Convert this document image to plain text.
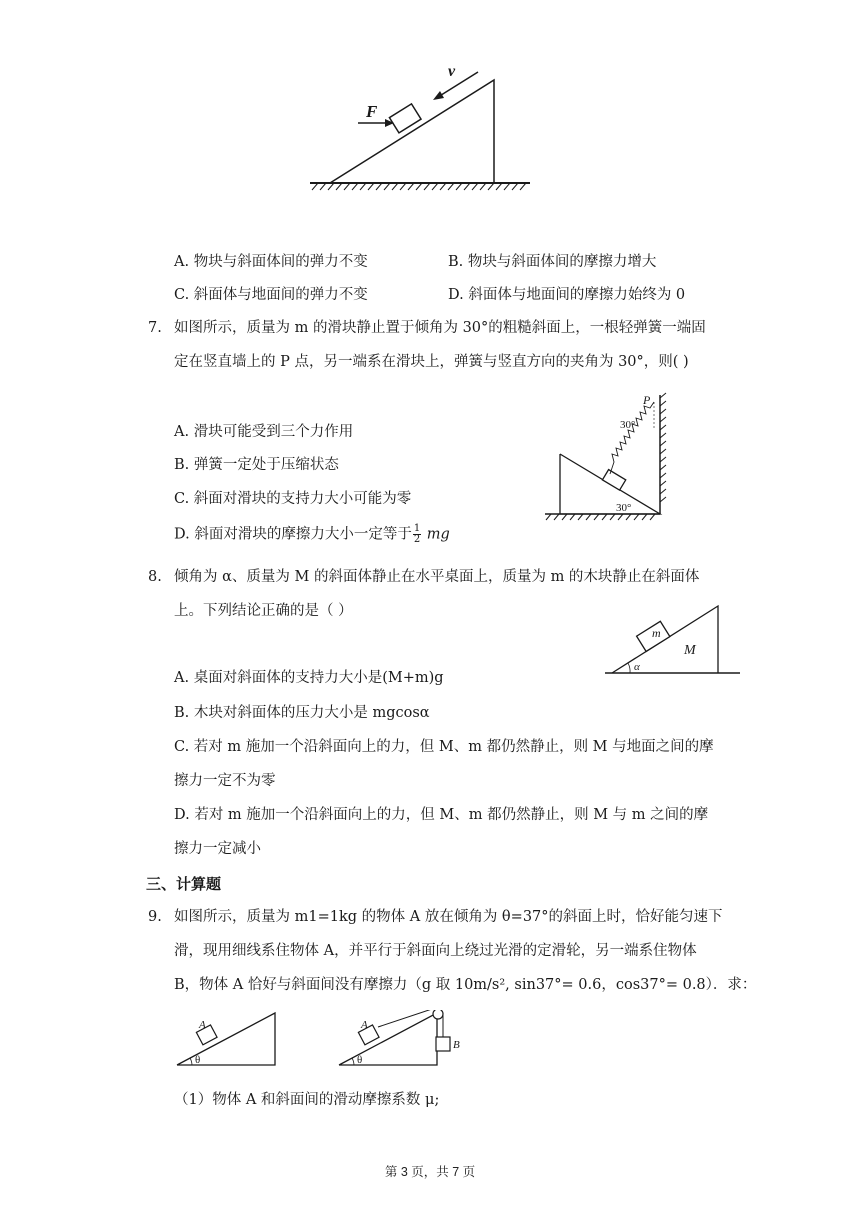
F
v
A. 物块与斜面体间的弹力不变	B. 物块与斜面体间的摩擦力增大
C. 斜面体与地面间的弹力不变	D. 斜面体与地面间的摩擦力始终为 0
7. 如图所示，质量为 m 的滑块静止置于倾角为 30°的粗糙斜面上，一根轻弹簧一端固
定在竖直墙上的 P 点，另一端系在滑块上，弹簧与竖直方向的夹角为 30°，则( )
A. 滑块可能受到三个力作用
B. 弹簧一定处于压缩状态
C. 斜面对滑块的支持力大小可能为零
D. 斜面对滑块的摩擦力大小一定等于 $\frac{1}{2}$ mg
P
30°
30°
8. 倾角为 α、质量为 M 的斜面体静止在水平桌面上，质量为 m 的木块静止在斜面体
上。下列结论正确的是（ ）
m
M
α
A. 桌面对斜面体的支持力大小是(M+m)g
B. 木块对斜面体的压力大小是 mgcosα
C. 若对 m 施加一个沿斜面向上的力，但 M、m 都仍然静止，则 M 与地面之间的摩
擦力一定不为零
D. 若对 m 施加一个沿斜面向上的力，但 M、m 都仍然静止，则 M 与 m 之间的摩
擦力一定减小
三、计算题
9. 如图所示，质量为 m1=1kg 的物体 A 放在倾角为 θ=37°的斜面上时，恰好能匀速下
滑，现用细线系住物体 A，并平行于斜面向上绕过光滑的定滑轮，另一端系住物体
B，物体 A 恰好与斜面间没有摩擦力（g 取 10m/s², sin37°= 0.6，cos37°= 0.8）．求：
A
θ
A
B
θ
（1）物体 A 和斜面间的滑动摩擦系数 μ;
第 3 页，共 7 页
